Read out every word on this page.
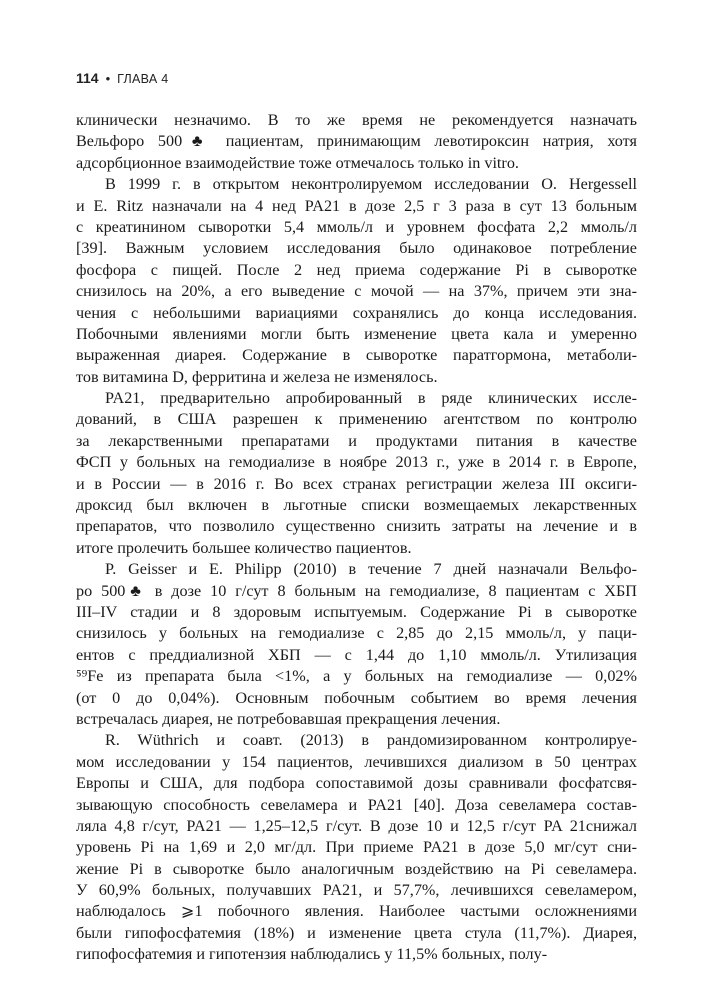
114 • ГЛАВА 4
клинически незначимо. В то же время не рекомендуется назначать
Вельфоро 500♣ пациентам, принимающим левотироксин натрия, хотя
адсорбционное взаимодействие тоже отмечалось только in vitro.
В 1999 г. в открытом неконтролируемом исследовании O. Hergessell
и E. Ritz назначали на 4 нед PA21 в дозе 2,5 г 3 раза в сут 13 больным
с креатинином сыворотки 5,4 ммоль/л и уровнем фосфата 2,2 ммоль/л
[39]. Важным условием исследования было одинаковое потребление
фосфора с пищей. После 2 нед приема содержание Pi в сыворотке
снизилось на 20%, а его выведение с мочой — на 37%, причем эти зна-
чения с небольшими вариациями сохранялись до конца исследования.
Побочными явлениями могли быть изменение цвета кала и умеренно
выраженная диарея. Содержание в сыворотке паратгормона, метаболи-
тов витамина D, ферритина и железа не изменялось.
PA21, предварительно апробированный в ряде клинических иссле-
дований, в США разрешен к применению агентством по контролю
за лекарственными препаратами и продуктами питания в качестве
ФСП у больных на гемодиализе в ноябре 2013 г., уже в 2014 г. в Европе,
и в России — в 2016 г. Во всех странах регистрации железа III оксиги-
дроксид был включен в льготные списки возмещаемых лекарственных
препаратов, что позволило существенно снизить затраты на лечение и в
итоге пролечить большее количество пациентов.
P. Geisser и E. Philipp (2010) в течение 7 дней назначали Вельфо-
ро 500♣ в дозе 10 г/сут 8 больным на гемодиализе, 8 пациентам с ХБП
III–IV стадии и 8 здоровым испытуемым. Содержание Pi в сыворотке
снизилось у больных на гемодиализе с 2,85 до 2,15 ммоль/л, у паци-
ентов с преддиализной ХБП — с 1,44 до 1,10 ммоль/л. Утилизация
⁵⁹Fe из препарата была <1%, а у больных на гемодиализе — 0,02%
(от 0 до 0,04%). Основным побочным событием во время лечения
встречалась диарея, не потребовавшая прекращения лечения.
R. Wüthrich и соавт. (2013) в рандомизированном контролируе-
мом исследовании у 154 пациентов, лечившихся диализом в 50 центрах
Европы и США, для подбора сопоставимой дозы сравнивали фосфатсвя-
зывающую способность севеламера и PA21 [40]. Доза севеламера состав-
ляла 4,8 г/сут, PA21 — 1,25–12,5 г/сут. В дозе 10 и 12,5 г/сут PA 21снижал
уровень Pi на 1,69 и 2,0 мг/дл. При приеме PA21 в дозе 5,0 мг/сут сни-
жение Pi в сыворотке было аналогичным воздействию на Pi севеламера.
У 60,9% больных, получавших PA21, и 57,7%, лечившихся севеламером,
наблюдалось ⩾1 побочного явления. Наиболее частыми осложнениями
были гипофосфатемия (18%) и изменение цвета стула (11,7%). Диарея,
гипофосфатемия и гипотензия наблюдались у 11,5% больных, полу-
